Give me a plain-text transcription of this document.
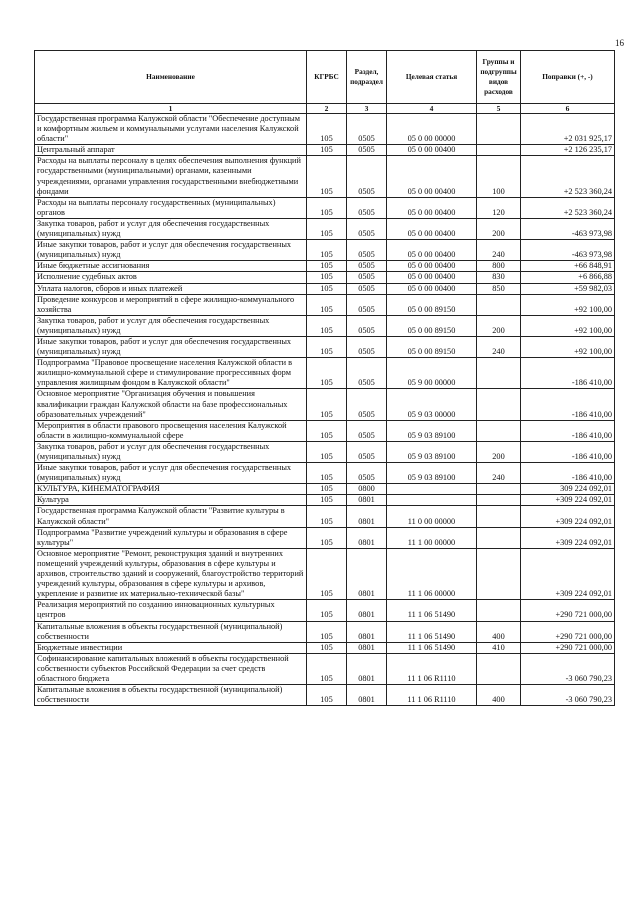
16
Наименование	КГРБС	Раздел, подраздел	Целевая статья	Группы и подгруппы видов расходов	Поправки (+, -)
1	2	3	4	5	6
Государственная программа Калужской области "Обеспечение доступным и комфортным жильем и коммунальными услугами населения Калужской области"	105	0505	05 0 00 00000		+2 031 925,17
Центральный аппарат	105	0505	05 0 00 00400		+2 126 235,17
Расходы на выплаты персоналу в целях обеспечения выполнения функций государственными (муниципальными) органами, казенными учреждениями, органами управления государственными внебюджетными фондами	105	0505	05 0 00 00400	100	+2 523 360,24
Расходы на выплаты персоналу государственных (муниципальных) органов	105	0505	05 0 00 00400	120	+2 523 360,24
Закупка товаров, работ и услуг для обеспечения государственных (муниципальных) нужд	105	0505	05 0 00 00400	200	-463 973,98
Иные закупки товаров, работ и услуг для обеспечения государственных (муниципальных) нужд	105	0505	05 0 00 00400	240	-463 973,98
Иные бюджетные ассигнования	105	0505	05 0 00 00400	800	+66 848,91
Исполнение судебных актов	105	0505	05 0 00 00400	830	+6 866,88
Уплата налогов, сборов и иных платежей	105	0505	05 0 00 00400	850	+59 982,03
Проведение конкурсов и мероприятий в сфере жилищно-коммунального хозяйства	105	0505	05 0 00 89150		+92 100,00
Закупка товаров, работ и услуг для обеспечения государственных (муниципальных) нужд	105	0505	05 0 00 89150	200	+92 100,00
Иные закупки товаров, работ и услуг для обеспечения государственных (муниципальных) нужд	105	0505	05 0 00 89150	240	+92 100,00
Подпрограмма "Правовое просвещение населения Калужской области в жилищно-коммунальной сфере и стимулирование прогрессивных форм управления жилищным фондом в Калужской области"	105	0505	05 9 00 00000		-186 410,00
Основное мероприятие "Организация обучения и повышения квалификации граждан Калужской области на базе профессиональных образовательных учреждений"	105	0505	05 9 03 00000		-186 410,00
Мероприятия в области правового просвещения населения Калужской области в жилищно-коммунальной сфере	105	0505	05 9 03 89100		-186 410,00
Закупка товаров, работ и услуг для обеспечения государственных (муниципальных) нужд	105	0505	05 9 03 89100	200	-186 410,00
Иные закупки товаров, работ и услуг для обеспечения государственных (муниципальных) нужд	105	0505	05 9 03 89100	240	-186 410,00
КУЛЬТУРА, КИНЕМАТОГРАФИЯ	105	0800			309 224 092,01
Культура	105	0801			+309 224 092,01
Государственная программа Калужской области "Развитие культуры в Калужской области"	105	0801	11 0 00 00000		+309 224 092,01
Подпрограмма "Развитие учреждений культуры и образования в сфере культуры"	105	0801	11 1 00 00000		+309 224 092,01
Основное мероприятие "Ремонт, реконструкция зданий и внутренних помещений учреждений культуры, образования в сфере культуры и архивов, строительство зданий и сооружений, благоустройство территорий учреждений культуры, образования в сфере культуры и архивов, укрепление и развитие их материально-технической базы"	105	0801	11 1 06 00000		+309 224 092,01
Реализация мероприятий по созданию инновационных культурных центров	105	0801	11 1 06 51490		+290 721 000,00
Капитальные вложения в объекты государственной (муниципальной) собственности	105	0801	11 1 06 51490	400	+290 721 000,00
Бюджетные инвестиции	105	0801	11 1 06 51490	410	+290 721 000,00
Софинансирование капитальных вложений в объекты государственной собственности субъектов Российской Федерации за счет средств областного бюджета	105	0801	11 1 06 R1110		-3 060 790,23
Капитальные вложения в объекты государственной (муниципальной) собственности	105	0801	11 1 06 R1110	400	-3 060 790,23
